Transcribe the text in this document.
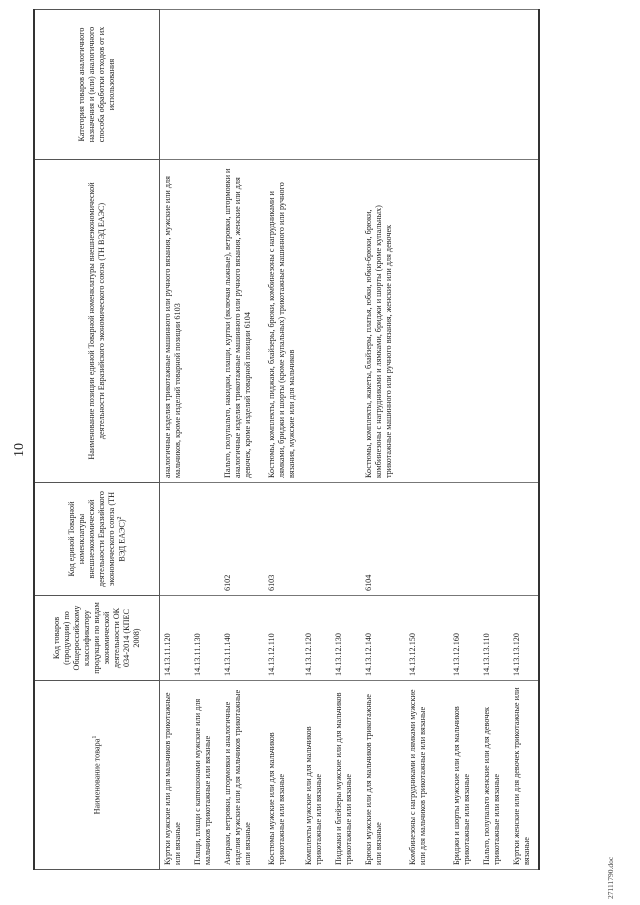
10
Наименование товара$^1$	Код товаров (продукции) по Общероссийскому классификатору продукции по видам экономической деятельности ОК 034-2014 (КПЕС 2008)	Код единой Товарной номенклатуры внешнеэкономической деятельности Евразийского экономического союза (ТН ВЭД ЕАЭС)$^2$	Наименование позиции единой Товарной номенклатуры внешнеэкономической деятельности Евразийского экономического союза (ТН ВЭД ЕАЭС)	Категория товаров аналогичного назначения и (или) аналогичного способа обработки отходов от их использования
Куртки мужские или для мальчиков трикотажные или вязаные	14.13.11.120		аналогичные изделия трикотажные машинного или ручного вязания, мужские или для мальчиков, кроме изделий товарной позиции 6103	
Плащи, плащи с капюшонами мужские или для мальчиков трикотажные или вязаные	14.13.11.130			
Анораки, ветровки, штормовки и аналогичные изделия мужские или для мальчиков трикотажные или вязаные	14.13.11.140	6102	Пальто, полупальто, накидки, плащи, куртки (включая лыжные), ветровки, штормовки и аналогичные изделия трикотажные машинного или ручного вязания, женские или для девочек, кроме изделий товарной позиции 6104	
Костюмы мужские или для мальчиков трикотажные или вязаные	14.13.12.110	6103	Костюмы, комплекты, пиджаки, блайзеры, брюки, комбинезоны с нагрудниками и лямками, бриджи и шорты (кроме купальных) трикотажные машинного или ручного вязания, мужские или для мальчиков	
Комплекты мужские или для мальчиков трикотажные или вязаные	14.13.12.120			
Пиджаки и блейзеры мужские или для мальчиков трикотажные или вязаные	14.13.12.130			
Брюки мужские или для мальчиков трикотажные или вязаные	14.13.12.140	6104	Костюмы, комплекты, жакеты, блайзеры, платья, юбки, юбки-брюки, брюки, комбинезоны с нагрудниками и лямками, бриджи и шорты (кроме купальных) трикотажные машинного или ручного вязания, женские или для девочек	
Комбинезоны с нагрудниками и лямками мужские или для мальчиков трикотажные или вязаные	14.13.12.150			
Бриджи и шорты мужские или для мальчиков трикотажные или вязаные	14.13.12.160			
Пальто, полупальто женские или для девочек трикотажные или вязаные	14.13.13.110			
Куртки женские или для девочек трикотажные или вязаные	14.13.13.120			
27111790.doc
